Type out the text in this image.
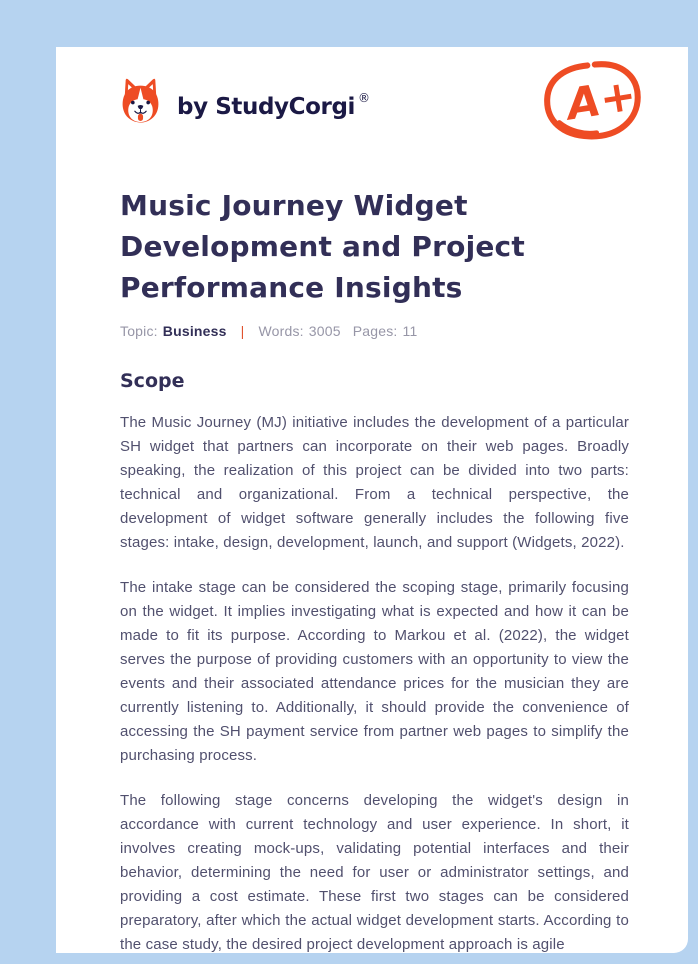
by StudyCorgi ®	A+
Music Journey Widget
Development and Project
Performance Insights
Topic: Business | Words: 3005 Pages: 11
Scope

The Music Journey (MJ) initiative includes the development of a particular SH widget that partners can incorporate on their web pages. Broadly speaking, the realization of this project can be divided into two parts: technical and organizational. From a technical perspective, the development of widget software generally includes the following five stages: intake, design, development, launch, and support (Widgets, 2022).

The intake stage can be considered the scoping stage, primarily focusing on the widget. It implies investigating what is expected and how it can be made to fit its purpose. According to Markou et al. (2022), the widget serves the purpose of providing customers with an opportunity to view the events and their associated attendance prices for the musician they are currently listening to. Additionally, it should provide the convenience of accessing the SH payment service from partner web pages to simplify the purchasing process.

The following stage concerns developing the widget's design in accordance with current technology and user experience. In short, it involves creating mock-ups, validating potential interfaces and their behavior, determining the need for user or administrator settings, and providing a cost estimate. These first two stages can be considered preparatory, after which the actual widget development starts. According to the case study, the desired project development approach is agile
